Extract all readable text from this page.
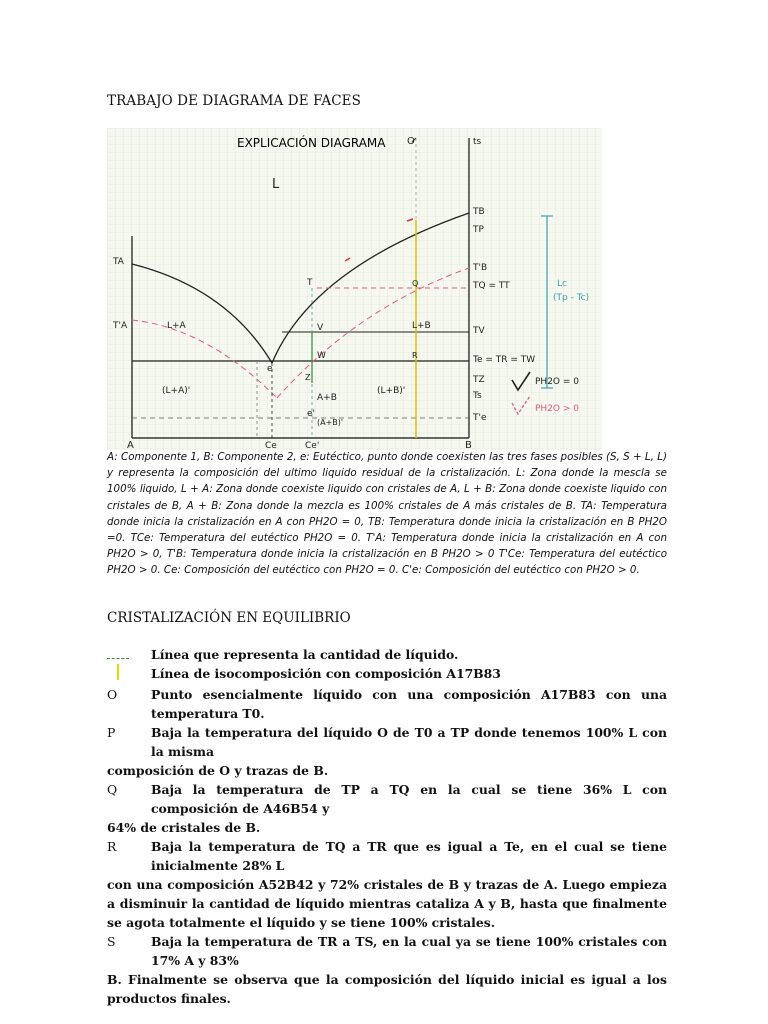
TRABAJO DE DIAGRAMA DE FACES
EXPLICACIÓN DIAGRAMA
L
A	B
Ce	Ce'
TA
T'A	L+A
(L+A)'
L+B
(L+B)'
A+B
(A+B)'
e
e'
T
V
W
Z
O
Q
R
ts
TB
TP
T'B
TQ = TT
TV
Te = TR = TW
TZ
Ts
T'e
Lc
(Tp - Tc)
PH2O = 0
PH2O > 0
A: Componente 1, B: Componente 2, e: Eutéctico, punto donde coexisten las tres fases posibles (S, S + L, L) y representa la composición del ultimo liquido residual de la cristalización. L: Zona donde la mescla se 100% liquido, L + A: Zona donde coexiste liquido con cristales de A, L + B: Zona donde coexiste liquido con cristales de B, A + B: Zona donde la mezcla es 100% cristales de A más cristales de B. TA: Temperatura donde inicia la cristalización en A con PH2O = 0, TB: Temperatura donde inicia la cristalización en B PH2O =0. TCe: Temperatura del eutéctico PH2O = 0. T'A: Temperatura donde inicia la cristalización en A con PH2O > 0, T'B: Temperatura donde inicia la cristalización en B PH2O > 0 T'Ce: Temperatura del eutéctico PH2O > 0. Ce: Composición del eutéctico con PH2O = 0. C'e: Composición del eutéctico con PH2O > 0.
CRISTALIZACIÓN EN EQUILIBRIO
Línea que representa la cantidad de líquido.
Línea de isocomposición con composición A17B83
O	Punto esencialmente líquido con una composición A17B83 con una temperatura T0.
P	Baja la temperatura del líquido O de T0 a TP donde tenemos 100% L con la misma
composición de O y trazas de B.
Q	Baja la temperatura de TP a TQ en la cual se tiene 36% L con composición de A46B54 y
64% de cristales de B.
R	Baja la temperatura de TQ a TR que es igual a Te, en el cual se tiene inicialmente 28% L
con una composición A52B42 y 72% cristales de B y trazas de A. Luego empieza a disminuir la cantidad de líquido mientras cataliza A y B, hasta que finalmente se agota totalmente el líquido y se tiene 100% cristales.
S	Baja la temperatura de TR a TS, en la cual ya se tiene 100% cristales con 17% A y 83%
B. Finalmente se observa que la composición del líquido inicial es igual a los productos finales.
